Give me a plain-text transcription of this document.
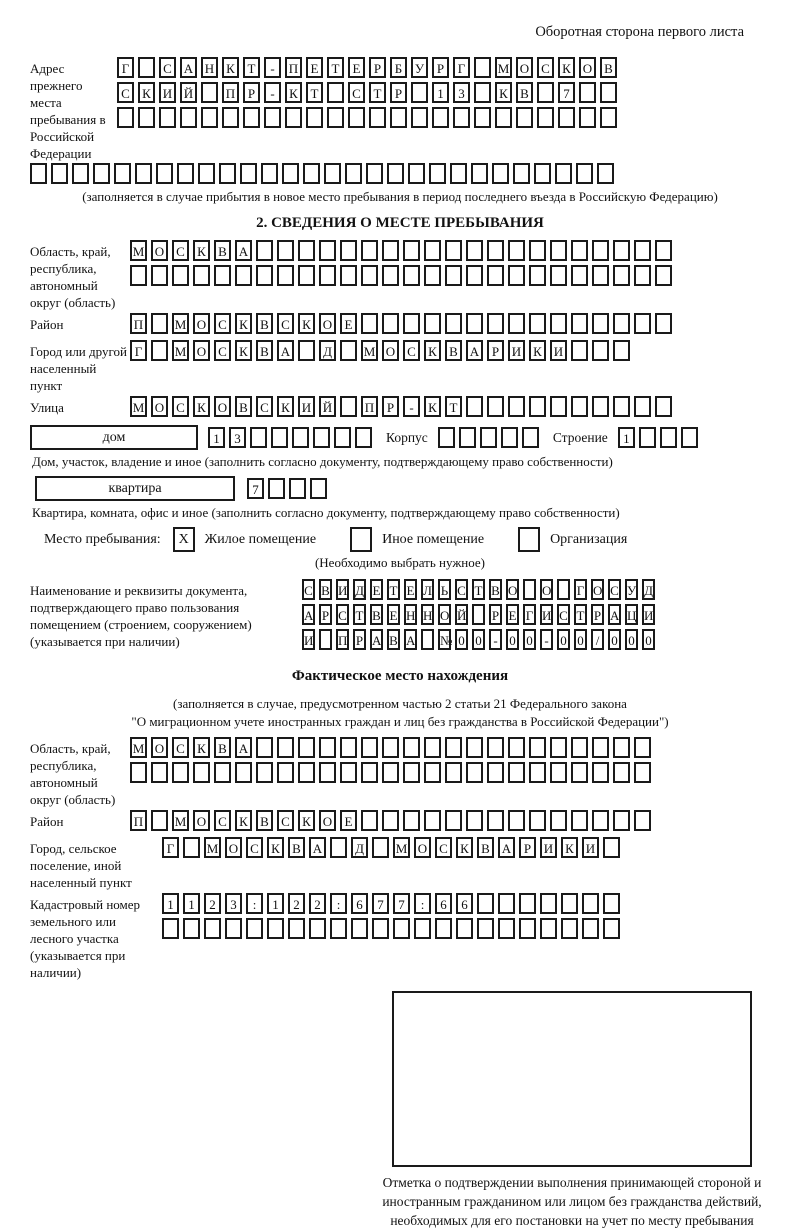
Оборотная сторона первого листа
Адрес прежнего места пребывания в Российской Федерации
Г	С А Н К Т	-	П Е	Т	Е	Р	Б У Р	Г	М О С К О В
С К И Й	П Р	-	К Т	С Т	Р	1	3	К В	7
(заполняется в случае прибытия в новое место пребывания в период последнего въезда в Российскую Федерацию)
2. СВЕДЕНИЯ О МЕСТЕ ПРЕБЫВАНИЯ
Область, край, республика, автономный округ (область)
М О С К В А
Район	П М О С К В С К О Е
Город или другой населенный пункт
Г	М О С К В А	Д	М О С К В А Р И К И
Улица	М О С К О В С К И Й	П Р	-	К Т
дом	1	3	Корпус	Строение	1
Дом, участок, владение и иное (заполнить согласно документу, подтверждающему право собственности)
квартира	7
Квартира, комната, офис и иное (заполнить согласно документу, подтверждающему право собственности)
Место пребывания:	X	Жилое помещение	Иное помещение	Организация
(Необходимо выбрать нужное)
Наименование и реквизиты документа, подтверждающего право пользования помещением (строением, сооружением) (указывается при наличии)
С В И Д Е Т Е Л Ь С Т В О О Г О С У Д
А Р С Т В Е Н Н О Й Р Е Г И С Т Р А Ц И
И П Р А В А № 0 0 - 0 0 - 0 0 / 0 0 0
Фактическое место нахождения
(заполняется в случае, предусмотренном частью 2 статьи 21 Федерального закона
"О миграционном учете иностранных граждан и лиц без гражданства в Российской Федерации")
Область, край, республика, автономный округ (область)
М О С К В А
Район	П М О С К В С К О Е
Город, сельское поселение, иной населенный пункт
Г	М О С К В А	Д	М О С К В А Р И К И
Кадастровый номер земельного или лесного участка (указывается при наличии)
1	1	2	3	:	1	2	2	:	6	7	7	:	6	6
Отметка о подтверждении выполнения принимающей стороной и иностранным гражданином или лицом без гражданства действий, необходимых для его постановки на учет по месту пребывания
